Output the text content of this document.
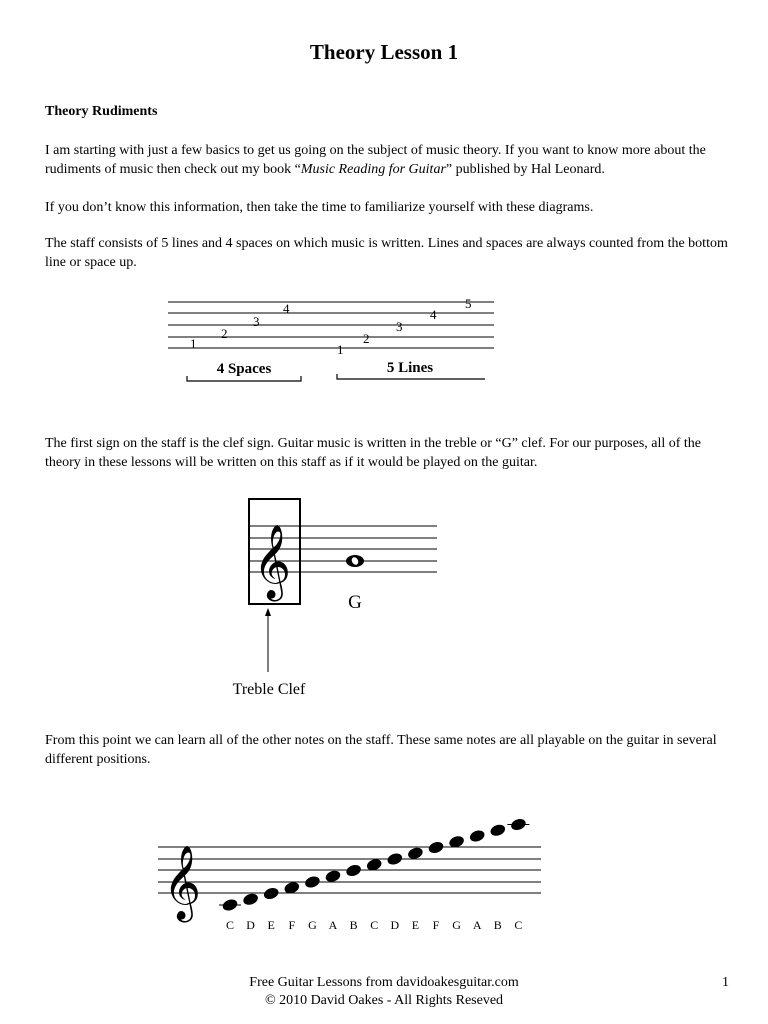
Theory Lesson 1
Theory Rudiments
I am starting with just a few basics to get us going on the subject of music theory. If you want to know more about the rudiments of music then check out my book “Music Reading for Guitar” published by Hal Leonard.
If you don’t know this information, then take the time to familiarize yourself with these diagrams.
The staff consists of 5 lines and 4 spaces on which music is written. Lines and spaces are always counted from the bottom line or space up.
The first sign on the staff is the clef sign. Guitar music is written in the treble or “G” clef. For our purposes, all of the theory in these lessons will be written on this staff as if it would be played on the guitar.
From this point we can learn all of the other notes on the staff. These same notes are all playable on the guitar in several different positions.
1
2
3
4
1
2
3
4
5
4 Spaces	5 Lines
𝄞
G
Treble Clef
𝄞
C D E F G A B C D E F G A B C
Free Guitar Lessons from davidoakesguitar.com
© 2010 David Oakes - All Rights Reseved
1
